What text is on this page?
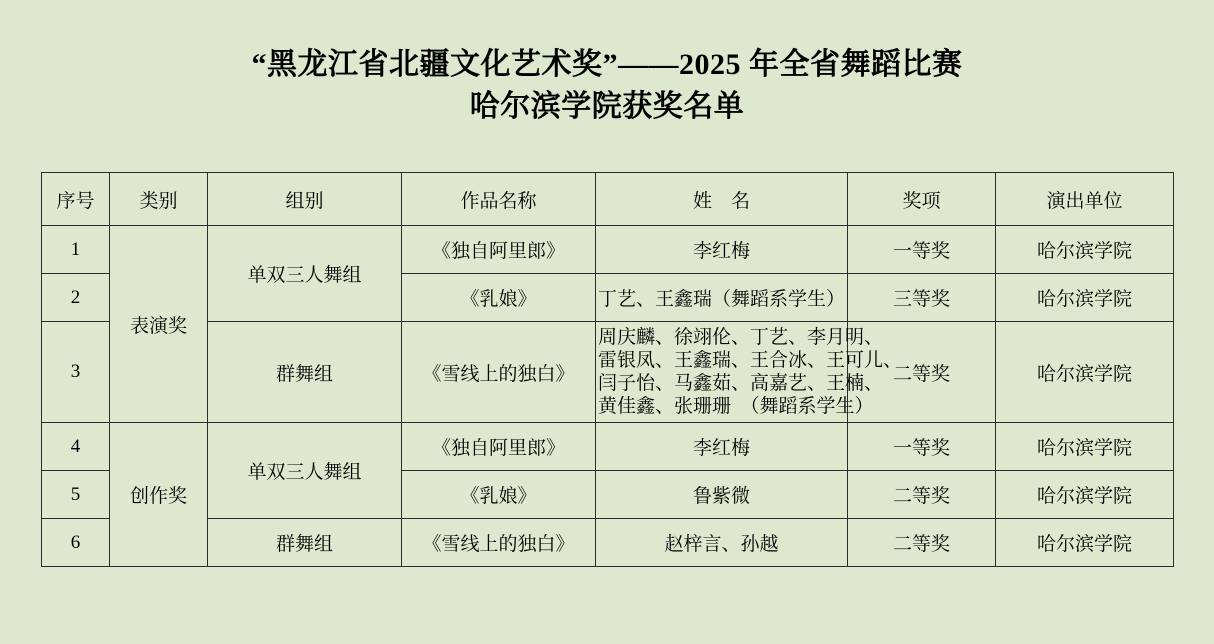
“黑龙江省北疆文化艺术奖”——2025 年全省舞蹈比赛
哈尔滨学院获奖名单
序号	类别	组别	作品名称	姓　名	奖项	演出单位
1	表演奖	单双三人舞组	《独自阿里郎》	李红梅	一等奖	哈尔滨学院
2			《乳娘》	丁艺、王鑫瑞（舞蹈系学生）	三等奖	哈尔滨学院
3		群舞组	《雪线上的独白》	周庆麟、徐翊伦、丁艺、李月明、
雷银凤、王鑫瑞、王合冰、王可儿、
闫子怡、马鑫茹、高嘉艺、王楠、
黄佳鑫、张珊珊　（舞蹈系学生）	二等奖	哈尔滨学院
4	创作奖	单双三人舞组	《独自阿里郎》	李红梅	一等奖	哈尔滨学院
5			《乳娘》	鲁紫微	二等奖	哈尔滨学院
6		群舞组	《雪线上的独白》	赵梓言、孙越	二等奖	哈尔滨学院
